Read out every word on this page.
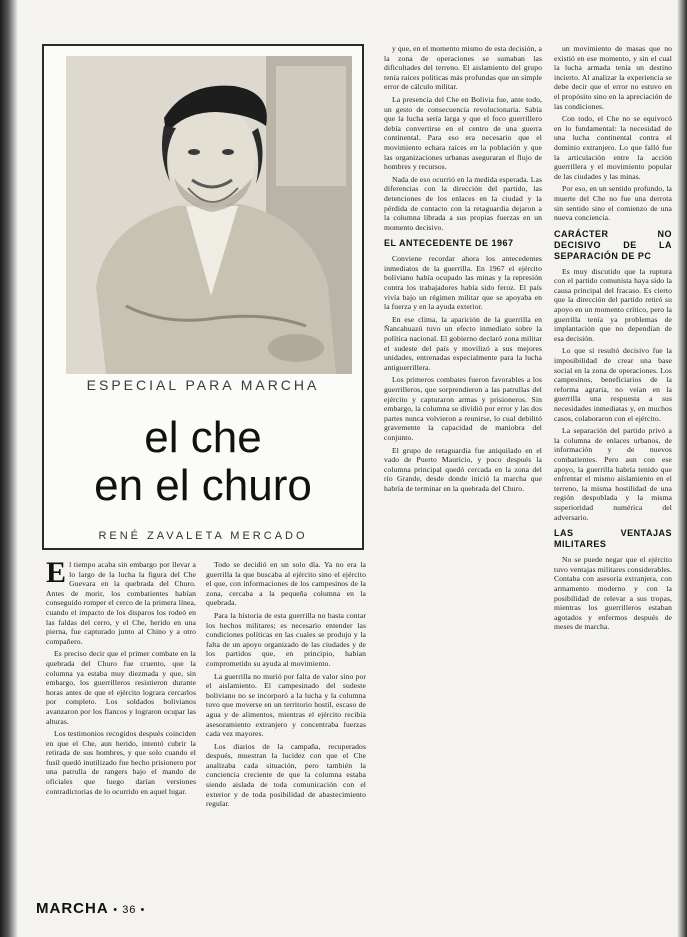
ESPECIAL PARA MARCHA
el che
en el churo
RENÉ ZAVALETA MERCADO

El tiempo acaba sin embargo por llevar a lo largo de la lucha la figura del Che Guevara en la quebrada del Churo. Antes de morir, los combatientes habían conseguido romper el cerco de la primera línea, cuando el impacto de los disparos los rodeó en las faldas del cerro, y el Che, herido en una pierna, fue capturado junto al Chino y a otro compañero.

Es preciso decir que el primer combate en la quebrada del Churo fue cruento, que la columna ya estaba muy diezmada y que, sin embargo, los guerrilleros resistieron durante horas antes de que el ejército lograra cercarlos por completo. Los soldados bolivianos avanzaron por los flancos y lograron ocupar las alturas.

Los testimonios recogidos después coinciden en que el Che, aun herido, intentó cubrir la retirada de sus hombres, y que solo cuando el fusil quedó inutilizado fue hecho prisionero por una patrulla de rangers bajo el mando de oficiales que luego darían versiones contradictorias de lo ocurrido en aquel lugar.

Todo se decidió en un solo día. Ya no era la guerrilla la que buscaba al ejército sino el ejército el que, con informaciones de los campesinos de la zona, cercaba a la pequeña columna en la quebrada.

Para la historia de esta guerrilla no basta contar los hechos militares; es necesario entender las condiciones políticas en las cuales se produjo y la falta de un apoyo organizado de las ciudades y de los partidos que, en principio, habían comprometido su ayuda al movimiento.

La guerrilla no murió por falta de valor sino por el aislamiento. El campesinado del sudeste boliviano no se incorporó a la lucha y la columna tuvo que moverse en un territorio hostil, escaso de agua y de alimentos, mientras el ejército recibía asesoramiento extranjero y concentraba fuerzas cada vez mayores.

Los diarios de la campaña, recuperados después, muestran la lucidez con que el Che analizaba cada situación, pero también la conciencia creciente de que la columna estaba siendo aislada de toda comunicación con el exterior y de toda posibilidad de abastecimiento regular.

y que, en el momento mismo de esta decisión, a la zona de operaciones se sumaban las dificultades del terreno. El aislamiento del grupo tenía raíces políticas más profundas que un simple error de cálculo militar.

La presencia del Che en Bolivia fue, ante todo, un gesto de consecuencia revolucionaria. Sabía que la lucha sería larga y que el foco guerrillero debía convertirse en el centro de una guerra continental. Para eso era necesario que el movimiento echara raíces en la población y que las organizaciones urbanas aseguraran el flujo de hombres y recursos.

Nada de eso ocurrió en la medida esperada. Las diferencias con la dirección del partido, las detenciones de los enlaces en la ciudad y la pérdida de contacto con la retaguardia dejaron a la columna librada a sus propias fuerzas en un momento decisivo.

EL ANTECEDENTE DE 1967

Conviene recordar ahora los antecedentes inmediatos de la guerrilla. En 1967 el ejército boliviano había ocupado las minas y la represión contra los trabajadores había sido feroz. El país vivía bajo un régimen militar que se apoyaba en la fuerza y en la ayuda exterior.

En ese clima, la aparición de la guerrilla en Ñancahuazú tuvo un efecto inmediato sobre la política nacional. El gobierno declaró zona militar el sudeste del país y movilizó a sus mejores unidades, entrenadas especialmente para la lucha antiguerrillera.

Los primeros combates fueron favorables a los guerrilleros, que sorprendieron a las patrullas del ejército y capturaron armas y prisioneros. Sin embargo, la columna se dividió por error y las dos partes nunca volvieron a reunirse, lo cual debilitó gravemente la capacidad de maniobra del conjunto.

El grupo de retaguardia fue aniquilado en el vado de Puerto Mauricio, y poco después la columna principal quedó cercada en la zona del río Grande, desde donde inició la marcha que habría de terminar en la quebrada del Churo.

un movimiento de masas que no existió en ese momento, y sin el cual la lucha armada tenía un destino incierto. Al analizar la experiencia se debe decir que el error no estuvo en el propósito sino en la apreciación de las condiciones.

Con todo, el Che no se equivocó en lo fundamental: la necesidad de una lucha continental contra el dominio extranjero. Lo que falló fue la articulación entre la acción guerrillera y el movimiento popular de las ciudades y las minas.

Por eso, en un sentido profundo, la muerte del Che no fue una derrota sin sentido sino el comienzo de una nueva conciencia.

CARÁCTER NO DECISIVO DE LA SEPARACIÓN DE PC

Es muy discutido que la ruptura con el partido comunista haya sido la causa principal del fracaso. Es cierto que la dirección del partido retiró su apoyo en un momento crítico, pero la guerrilla tenía ya problemas de implantación que no dependían de esa decisión.

Lo que sí resultó decisivo fue la imposibilidad de crear una base social en la zona de operaciones. Los campesinos, beneficiarios de la reforma agraria, no veían en la guerrilla una respuesta a sus necesidades inmediatas y, en muchos casos, colaboraron con el ejército.

La separación del partido privó a la columna de enlaces urbanos, de información y de nuevos combatientes. Pero aun con ese apoyo, la guerrilla habría tenido que enfrentar el mismo aislamiento en el terreno, la misma hostilidad de una región despoblada y la misma superioridad numérica del adversario.

LAS VENTAJAS MILITARES

No se puede negar que el ejército tuvo ventajas militares considerables. Contaba con asesoría extranjera, con armamento moderno y con la posibilidad de relevar a sus tropas, mientras los guerrilleros estaban agotados y enfermos después de meses de marcha.

MARCHA • 36 •
